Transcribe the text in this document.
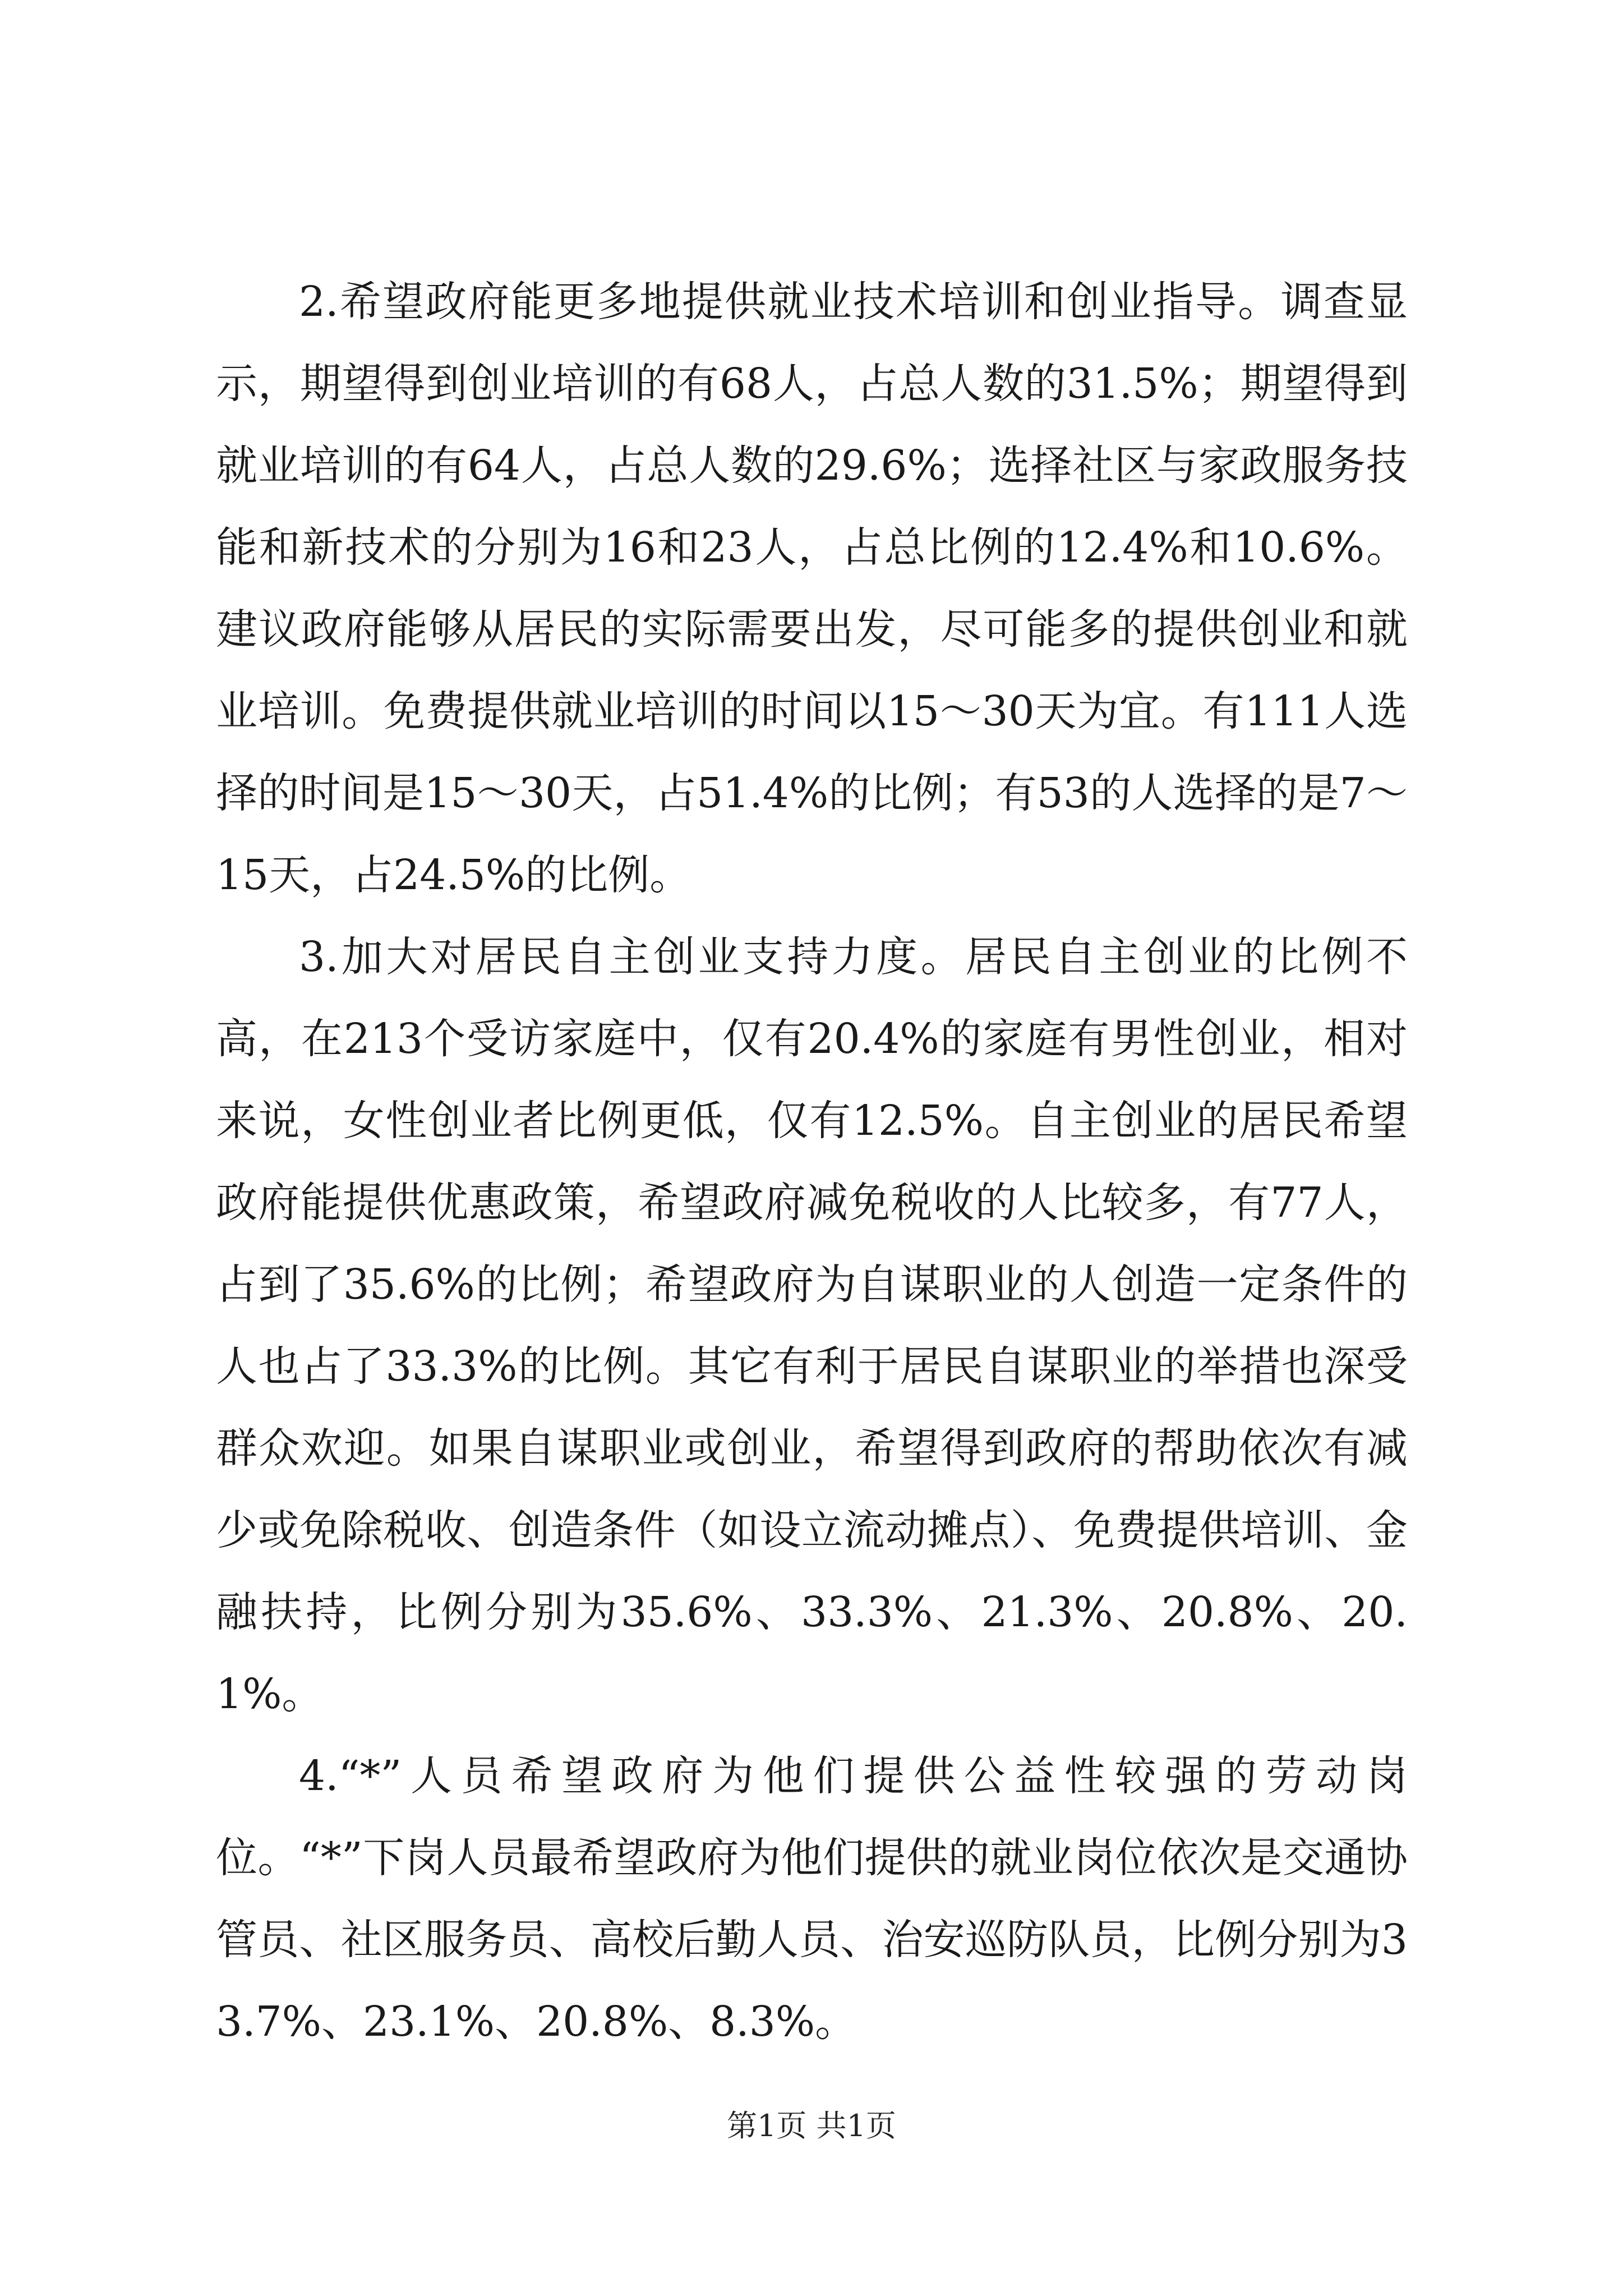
2.希望政府能更多地提供就业技术培训和创业指导。调查显示，期望得到创业培训的有68人，占总人数的31.5%；期望得到就业培训的有64人，占总人数的29.6%；选择社区与家政服务技能和新技术的分别为16和23人，占总比例的12.4%和10.6%。建议政府能够从居民的实际需要出发，尽可能多的提供创业和就业培训。免费提供就业培训的时间以15～30天为宜。有111人选择的时间是15～30天，占51.4%的比例；有53的人选择的是7～15天，占24.5%的比例。

3.加大对居民自主创业支持力度。居民自主创业的比例不高，在213个受访家庭中，仅有20.4%的家庭有男性创业，相对来说，女性创业者比例更低，仅有12.5%。自主创业的居民希望政府能提供优惠政策，希望政府减免税收的人比较多，有77人，占到了35.6%的比例；希望政府为自谋职业的人创造一定条件的人也占了33.3%的比例。其它有利于居民自谋职业的举措也深受群众欢迎。如果自谋职业或创业，希望得到政府的帮助依次有减少或免除税收、创造条件（如设立流动摊点）、免费提供培训、金融扶持，比例分别为35.6%、33.3%、21.3%、20.8%、20.1%。

4.“*”人员希望政府为他们提供公益性较强的劳动岗位。“*”下岗人员最希望政府为他们提供的就业岗位依次是交通协管员、社区服务员、高校后勤人员、治安巡防队员，比例分别为33.7%、23.1%、20.8%、8.3%。

第1页 共1页
